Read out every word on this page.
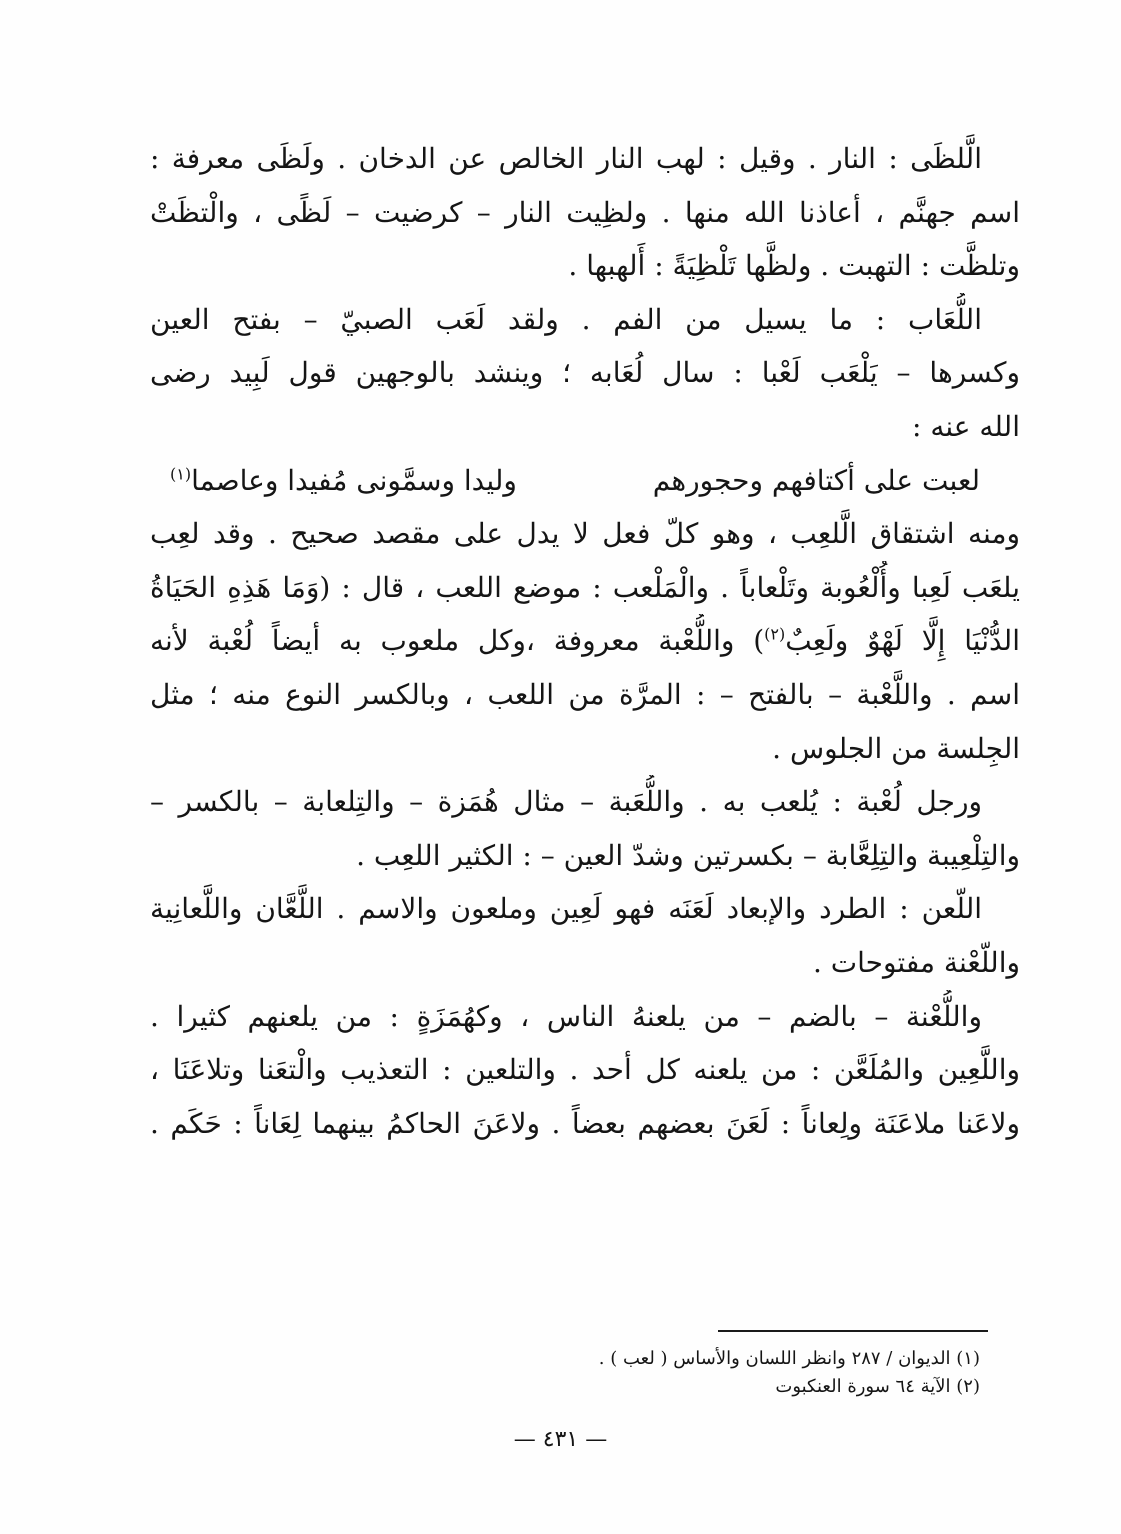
الَّلظَى : النار . وقيل : لهب النار الخالص عن الدخان . ولَظَى معرفة :
اسم جهنَّم ، أعاذنا الله منها . ولظِيت النار – كرضيت – لَظًى ، والْتظَتْ
وتلظَّت : التهبت . ولظَّها تَلْظِيَةً : أَلهبها .
اللُّعَاب : ما يسيل من الفم . ولقد لَعَب الصبيّ – بفتح العين
وكسرها – يَلْعَب لَعْبا : سال لُعَابه ؛ وينشد بالوجهين قول لَبِيد رضى
الله عنه :
لعبت على أكتافهم وحجورهم
وليدا وسمَّونى مُفيدا وعاصما$^{(١)}$
ومنه اشتقاق الَّلعِب ، وهو كلّ فعل لا يدل على مقصد صحيح . وقد لعِب
يلعَب لَعِبا وأُلْعُوبة وتَلْعاباً . والْمَلْعب : موضع اللعب ، قال : (وَمَا هَذِهِ الحَيَاةُ
الدُّنْيَا إِلَّا لَهْوٌ ولَعِبٌ$^{(٢)}$) واللُّعْبة معروفة ،وكل ملعوب به أيضاً لُعْبة لأنه
اسم . واللَّعْبة – بالفتح – : المرَّة من اللعب ، وبالكسر النوع منه ؛ مثل
الجِلسة من الجلوس .
ورجل لُعْبة : يُلعب به . واللُّعَبة – مثال هُمَزة – والتِلعابة – بالكسر –
والتِلْعِيبة والتِلِعَّابة – بكسرتين وشدّ العين – : الكثير اللعِب .
اللّعن : الطرد والإبعاد لَعَنَه فهو لَعِين وملعون والاسم . اللَّعَّان واللَّعانِية
واللّعْنة مفتوحات .
واللُّعْنة – بالضم – من يلعنهُ الناس ، وكهُمَزَةٍ : من يلعنهم كثيرا .
واللَّعِين والمُلَعَّن : من يلعنه كل أحد . والتلعين : التعذيب والْتعَنا وتلاعَنَا ،
ولاعَنا ملاعَنَة ولِعاناً : لَعَنَ بعضهم بعضاً . ولاعَنَ الحاكمُ بينهما لِعَاناً : حَكَم .
(١) الديوان / ٢٨٧ وانظر اللسان والأساس ( لعب ) .
(٢) الآية ٦٤ سورة العنكبوت
— ٤٣١ —
